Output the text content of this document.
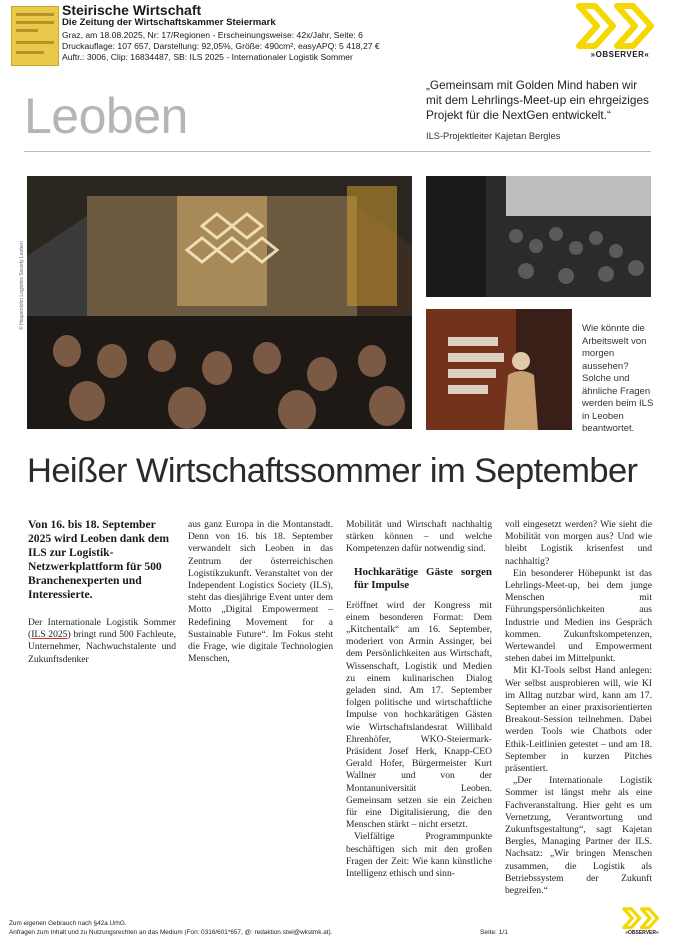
Steirische Wirtschaft
Die Zeitung der Wirtschaftskammer Steiermark
Graz, am 18.08.2025, Nr: 17/Regionen - Erscheinungsweise: 42x/Jahr, Seite: 6
Druckauflage: 107 657, Darstellung: 92,05%, Größe: 490cm², easyAPQ: 5 418,27 €
Auftr.: 3006, Clip: 16834487, SB: ILS 2025 - Internationaler Logistik Sommer	»OBSERVER«
Leoben
„Gemeinsam mit Golden Mind haben wir mit dem Lehrlings-Meet-up ein ehrgeiziges Projekt für die NextGen entwickelt.“
ILS-Projektleiter Kajetan Bergles
© Hoppenlohn Logistics Society Leoben	Wie könnte die Arbeitswelt von morgen aussehen? Solche und ähnliche Fragen werden beim ILS in Leoben beantwortet.
Heißer Wirtschaftssommer im September
Von 16. bis 18. September 2025 wird Leoben dank dem ILS zur Logistik-Netzwerkplattform für 500 Branchenexperten und Interessierte.

Der Internationale Logistik Sommer (ILS 2025) bringt rund 500 Fachleute, Unternehmer, Nachwuchstalente und Zukunftsdenker

aus ganz Europa in die Montanstadt. Denn von 16. bis 18. September verwandelt sich Leoben in das Zentrum der österreichischen Logistikzukunft. Veranstaltet von der Independent Logistics Society (ILS), steht das diesjährige Event unter dem Motto „Digital Empowerment – Redefining Movement for a Sustainable Future“. Im Fokus steht die Frage, wie digitale Technologien Menschen,

Mobilität und Wirtschaft nachhaltig stärken können – und welche Kompetenzen dafür notwendig sind.

Hochkarätige Gäste sorgen für Impulse

Eröffnet wird der Kongress mit einem besonderen Format: Dem „Kitchentalk“ am 16. September, moderiert von Armin Assinger, bei dem Persönlichkeiten aus Wirtschaft, Wissenschaft, Logistik und Medien zu einem kulinarischen Dialog geladen sind. Am 17. September folgen politische und wirtschaftliche Impulse von hochkarätigen Gästen wie Wirtschaftslandesrat Willibald Ehrenhöfer, WKO-Steiermark-Präsident Josef Herk, Knapp-CEO Gerald Hofer, Bürgermeister Kurt Wallner und von der Montanuniversität Leoben. Gemeinsam setzen sie ein Zeichen für eine Digitalisierung, die den Menschen stärkt – nicht ersetzt.

Vielfältige Programmpunkte beschäftigen sich mit den großen Fragen der Zeit: Wie kann künstliche Intelligenz ethisch und sinn-

voll eingesetzt werden? Wie sieht die Mobilität von morgen aus? Und wie bleibt Logistik krisenfest und nachhaltig?

Ein besonderer Höhepunkt ist das Lehrlings-Meet-up, bei dem junge Menschen mit Führungspersönlichkeiten aus Industrie und Medien ins Gespräch kommen. Zukunftskompetenzen, Wertewandel und Empowerment stehen dabei im Mittelpunkt.

Mit KI-Tools selbst Hand anlegen: Wer selbst ausprobieren will, wie KI im Alltag nutzbar wird, kann am 17. September an einer praxisorientierten Breakout-Session teilnehmen. Dabei werden Tools wie Chatbots oder Ethik-Leitlinien getestet – und am 18. September in kurzen Pitches präsentiert.

„Der Internationale Logistik Sommer ist längst mehr als eine Fachveranstaltung. Hier geht es um Vernetzung, Verantwortung und Zukunftsgestaltung“, sagt Kajetan Bergles, Managing Partner der ILS. Nachsatz: „Wir bringen Menschen zusammen, die Logistik als Betriebssystem der Zukunft begreifen.“

Zum eigenen Gebrauch nach §42a UrhG.
Anfragen zum Inhalt und zu Nutzungsrechten an das Medium (Fon: 0316/601*657, @: redaktion.stwi@wkstmk.at).	Seite: 1/1	»OBSERVER«
